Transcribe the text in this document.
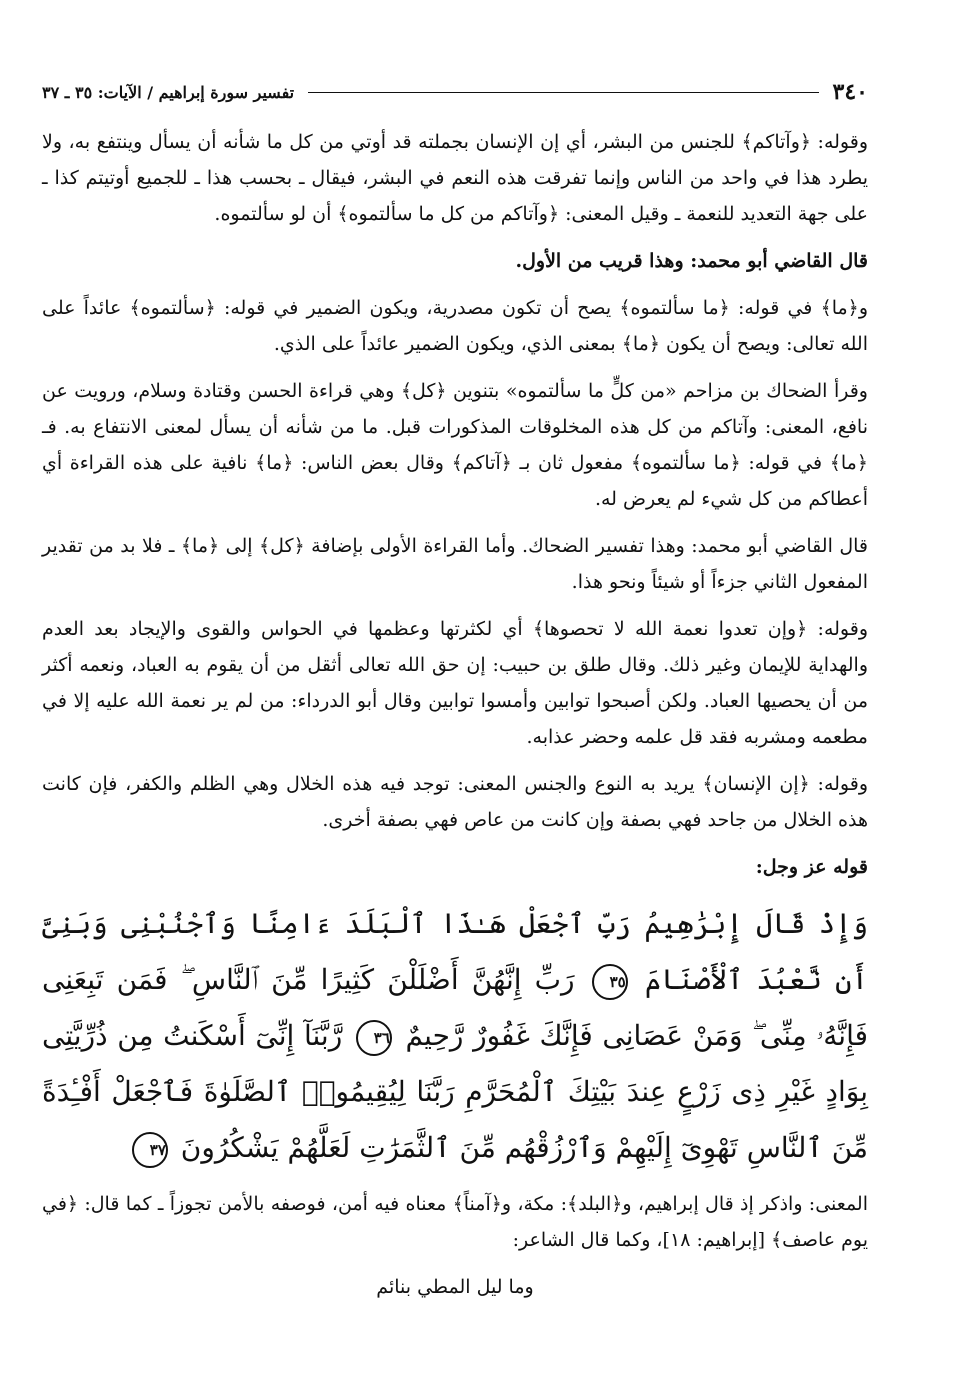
٣٤٠
تفسير سورة إبراهيم / الآيات: ٣٥ ـ ٣٧

وقوله: ﴿وآتاكم﴾ للجنس من البشر، أي إن الإنسان بجملته قد أوتي من كل ما شأنه أن يسأل وينتفع به، ولا يطرد هذا في واحد من الناس وإنما تفرقت هذه النعم في البشر، فيقال ـ بحسب هذا ـ للجميع أوتيتم كذا ـ على جهة التعديد للنعمة ـ وقيل المعنى: ﴿وآتاكم من كل ما سألتموه﴾ أن لو سألتموه.

قال القاضي أبو محمد: وهذا قريب من الأول.

و﴿ما﴾ في قوله: ﴿ما سألتموه﴾ يصح أن تكون مصدرية، ويكون الضمير في قوله: ﴿سألتموه﴾ عائداً على الله تعالى: ويصح أن يكون ﴿ما﴾ بمعنى الذي، ويكون الضمير عائداً على الذي.

وقرأ الضحاك بن مزاحم «من كلٍّ ما سألتموه» بتنوين ﴿كل﴾ وهي قراءة الحسن وقتادة وسلام، ورويت عن نافع، المعنى: وآتاكم من كل هذه المخلوقات المذكورات قبل. ما من شأنه أن يسأل لمعنى الانتفاع به. فـ ﴿ما﴾ في قوله: ﴿ما سألتموه﴾ مفعول ثان بـ ﴿آتاكم﴾ وقال بعض الناس: ﴿ما﴾ نافية على هذه القراءة أي أعطاكم من كل شيء لم يعرض له.

قال القاضي أبو محمد: وهذا تفسير الضحاك. وأما القراءة الأولى بإضافة ﴿كل﴾ إلى ﴿ما﴾ ـ فلا بد من تقدير المفعول الثاني جزءاً أو شيئاً ونحو هذا.

وقوله: ﴿وإن تعدوا نعمة الله لا تحصوها﴾ أي لكثرتها وعظمها في الحواس والقوى والإيجاد بعد العدم والهداية للإيمان وغير ذلك. وقال طلق بن حبيب: إن حق الله تعالى أثقل من أن يقوم به العباد، ونعمه أكثر من أن يحصيها العباد. ولكن أصبحوا توابين وأمسوا توابين وقال أبو الدرداء: من لم ير نعمة الله عليه إلا في مطعمه ومشربه فقد قل علمه وحضر عذابه.

وقوله: ﴿إن الإنسان﴾ يريد به النوع والجنس المعنى: توجد فيه هذه الخلال وهي الظلم والكفر، فإن كانت هذه الخلال من جاحد فهي بصفة وإن كانت من عاص فهي بصفة أخرى.

قوله عز وجل:

وَإِذْ قَالَ إِبْرَٰهِيمُ رَبِّ ٱجْعَلْ هَـٰذَا ٱلْبَلَدَ ءَامِنًا وَٱجْنُبْنِى وَبَنِىَّ أَن نَّعْبُدَ ٱلْأَصْنَامَ ٣٥ رَبِّ إِنَّهُنَّ أَضْلَلْنَ كَثِيرًا مِّنَ ٱلنَّاسِ ۖ فَمَن تَبِعَنِى فَإِنَّهُۥ مِنِّى ۖ وَمَنْ عَصَانِى فَإِنَّكَ غَفُورٌ رَّحِيمٌ ٣٦ رَّبَّنَآ إِنِّىٓ أَسْكَنتُ مِن ذُرِّيَّتِى بِوَادٍ غَيْرِ ذِى زَرْعٍ عِندَ بَيْتِكَ ٱلْمُحَرَّمِ رَبَّنَا لِيُقِيمُوا۟ ٱلصَّلَوٰةَ فَٱجْعَلْ أَفْـِٔدَةً مِّنَ ٱلنَّاسِ تَهْوِىٓ إِلَيْهِمْ وَٱرْزُقْهُم مِّنَ ٱلثَّمَرَٰتِ لَعَلَّهُمْ يَشْكُرُونَ ٣٧

المعنى: واذكر إذ قال إبراهيم، و﴿البلد﴾: مكة، و﴿آمناً﴾ معناه فيه أمن، فوصفه بالأمن تجوزاً ـ كما قال: ﴿في يوم عاصف﴾ [إبراهيم: ١٨]، وكما قال الشاعر:

وما ليل المطي بنائم
